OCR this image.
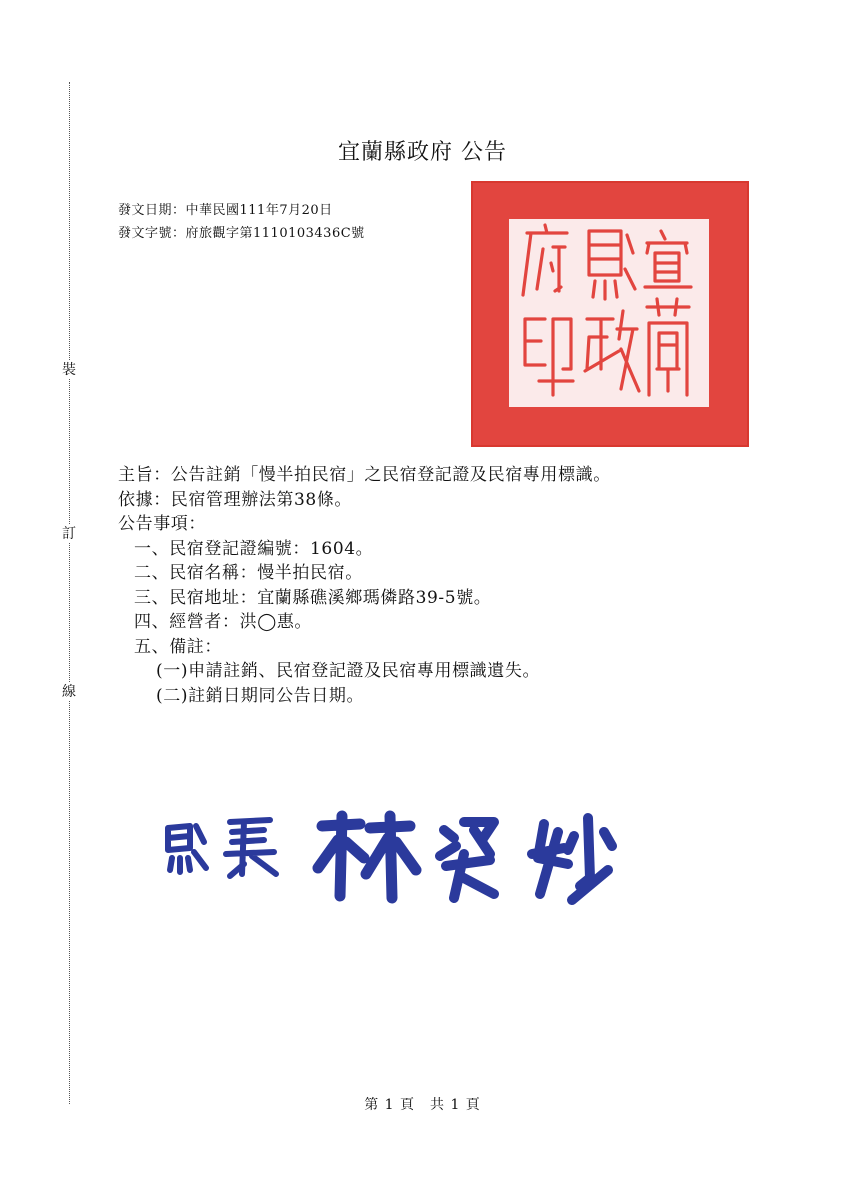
裝
訂
線
宜蘭縣政府 公告
發文日期：中華民國111年7月20日
發文字號：府旅觀字第1110103436C號
主旨：公告註銷「慢半拍民宿」之民宿登記證及民宿專用標識。
依據：民宿管理辦法第38條。
公告事項：
一、民宿登記證編號：1604。
二、民宿名稱：慢半拍民宿。
三、民宿地址：宜蘭縣礁溪鄉瑪僯路39-5號。
四、經營者：洪◯惠。
五、備註：
(一)申請註銷、民宿登記證及民宿專用標識遺失。
(二)註銷日期同公告日期。
第 1 頁　共 1 頁
